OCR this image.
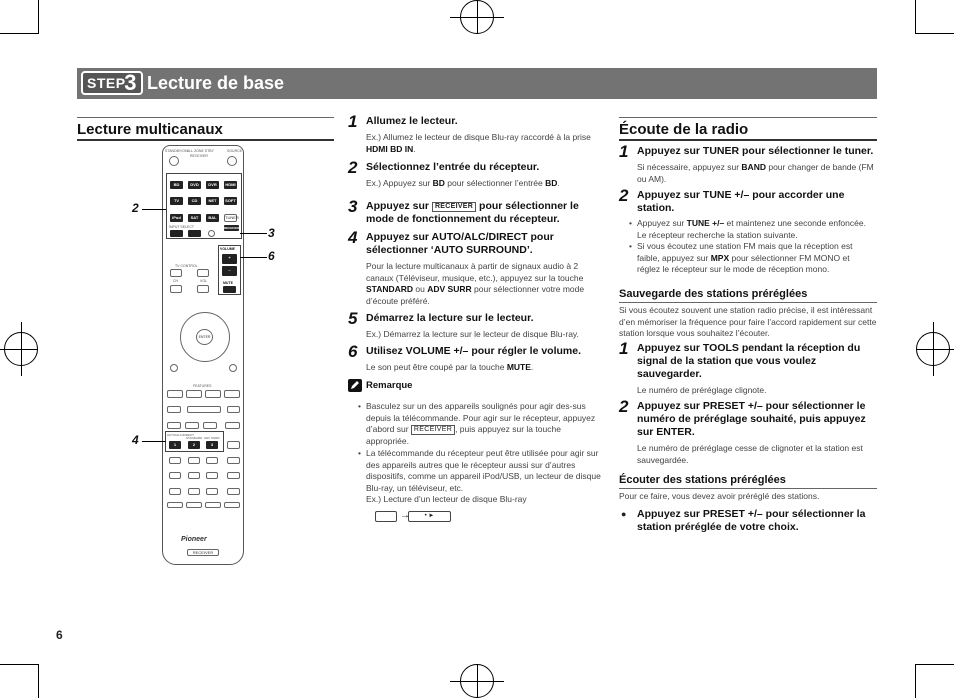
STEP
3 Lecture de base
Lecture multicanaux
STANDBY/ON ALL ZONE STBY
RECEIVER
SOURCE
BD	DVD	DVR	HDMI
TV	CD	NET	SOFT
iPod	SAT	BAL	TUNER
INPUT SELECT	RECEIVER
VOLUME
+
–
MUTE
TV CONTROL
CH	VOL
ENTER
FEATURES
AUTO/ALC/DIRECT
STANDARD ADV SURR
1	2	3
Pioneer
RECEIVER
2
3
6
4
1 Allumez le lecteur.
Ex.) Allumez le lecteur de disque Blu-ray raccordé à la prise HDMI BD IN.
2 Sélectionnez l’entrée du récepteur.
Ex.) Appuyez sur BD pour sélectionner l’entrée BD.
3 Appuyez sur RECEIVER pour sélectionner le mode de fonctionnement du récepteur.
4 Appuyez sur AUTO/ALC/DIRECT pour sélectionner ‘AUTO SURROUND’.
Pour la lecture multicanaux à partir de signaux audio à 2 canaux (Téléviseur, musique, etc.), appuyez sur la touche STANDARD ou ADV SURR pour sélectionner votre mode d’écoute préféré.
5 Démarrez la lecture sur le lecteur.
Ex.) Démarrez la lecture sur le lecteur de disque Blu-ray.
6 Utilisez VOLUME +/– pour régler le volume.
Le son peut être coupé par la touche MUTE.
Remarque
• Basculez sur un des appareils soulignés pour agir des-sus depuis la télécommande. Pour agir sur le récepteur, appuyez d’abord sur RECEIVER , puis appuyez sur la touche appropriée.
• La télécommande du récepteur peut être utilisée pour agir sur des appareils autres que le récepteur aussi sur d’autres dispositifs, comme un appareil iPod/USB, un lecteur de disque Blu-ray, un téléviseur, etc.
Ex.) Lecture d’un lecteur de disque Blu-ray
→	• ►
Écoute de la radio
1 Appuyez sur TUNER pour sélectionner le tuner.
Si nécessaire, appuyez sur BAND pour changer de bande (FM ou AM).
2 Appuyez sur TUNE +/– pour accorder une station.
• Appuyez sur TUNE +/– et maintenez une seconde enfoncée. Le récepteur recherche la station suivante.
• Si vous écoutez une station FM mais que la réception est faible, appuyez sur MPX pour sélectionner FM MONO et réglez le récepteur sur le mode de réception mono.
Sauvegarde des stations préréglées
Si vous écoutez souvent une station radio précise, il est intéressant d’en mémoriser la fréquence pour faire l’accord rapidement sur cette station lorsque vous souhaitez l’écouter.
1 Appuyez sur TOOLS pendant la réception du signal de la station que vous voulez sauvegarder.
Le numéro de préréglage clignote.
2 Appuyez sur PRESET +/– pour sélectionner le numéro de préréglage souhaité, puis appuyez sur ENTER.
Le numéro de préréglage cesse de clignoter et la station est sauvegardée.
Écouter des stations préréglées
Pour ce faire, vous devez avoir préréglé des stations.
● Appuyez sur PRESET +/– pour sélectionner la station préréglée de votre choix.
6
